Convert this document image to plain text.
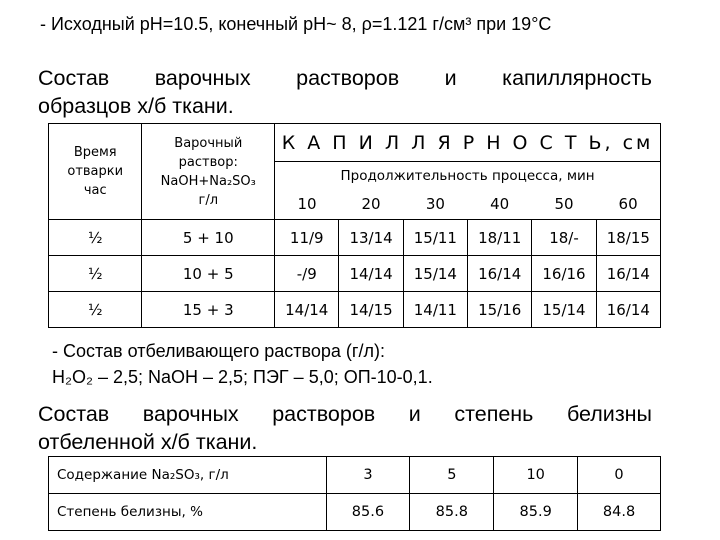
- Исходный рН=10.5, конечный рН~ 8, ρ=1.121 г/см³ при 19°С
Состав варочных растворов и капиллярность
образцов х/б ткани.
Время отварки час	Варочный раствор: NaOH+Na₂SO₃ г/л	К А П И Л Л Я Р Н О С Т Ь, см					
		Продолжительность процесса, мин					
		10	20	30	40	50	60
½	5 + 10	11/9	13/14	15/11	18/11	18/-	18/15
½	10 + 5	-/9	14/14	15/14	16/14	16/16	16/14
½	15 + 3	14/14	14/15	14/11	15/16	15/14	16/14
- Состав отбеливающего раствора (г/л):
Н₂О₂ – 2,5; NaOH – 2,5; ПЭГ – 5,0; ОП-10-0,1.
Состав варочных растворов и степень белизны
отбеленной х/б ткани.
Содержание Na₂SO₃, г/л	3	5	10	0
Степень белизны, %	85.6	85.8	85.9	84.8
